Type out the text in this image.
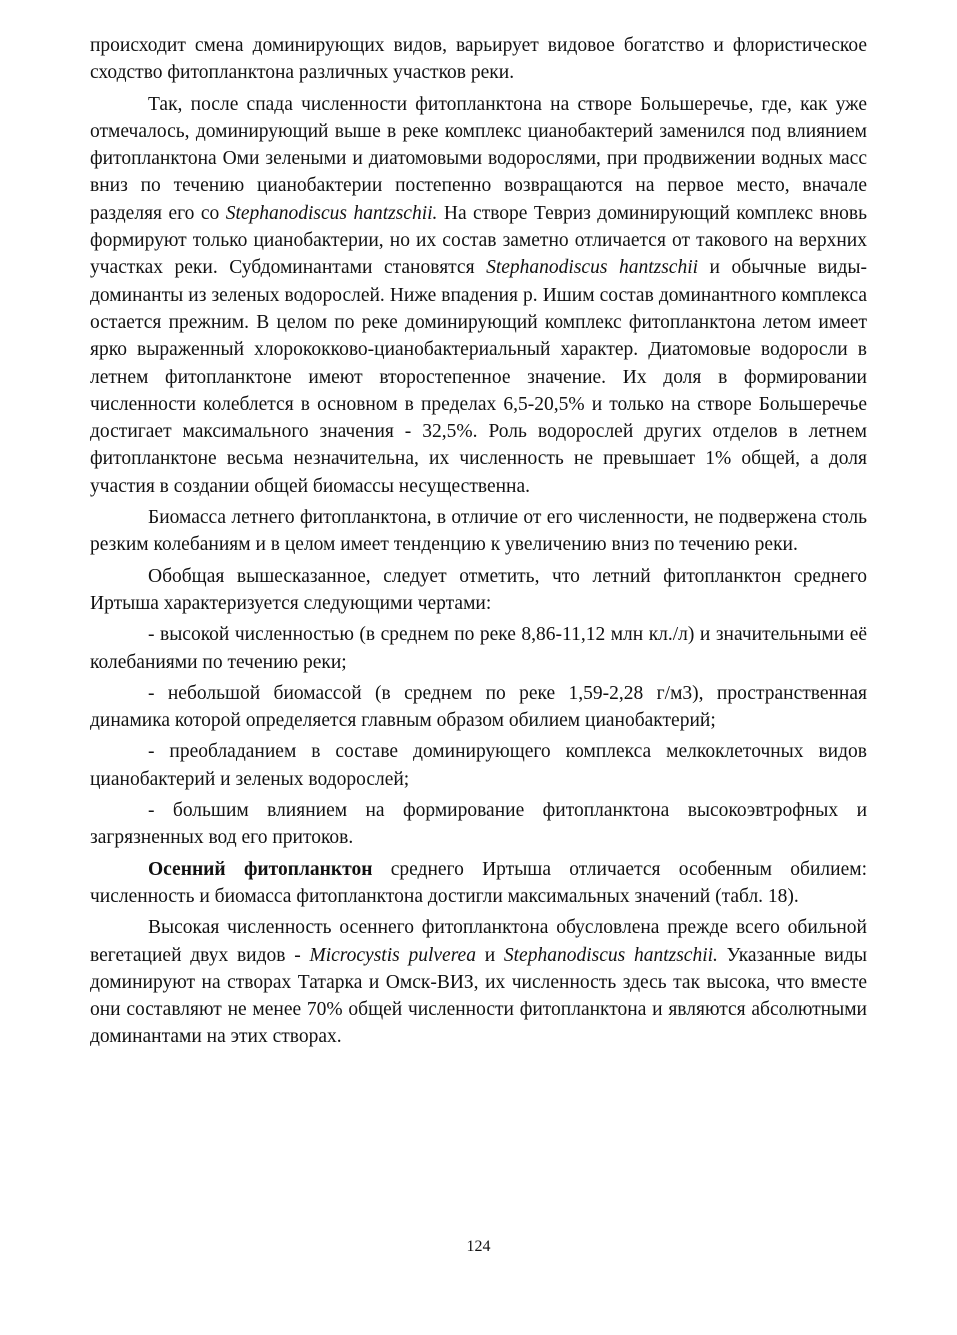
происходит смена доминирующих видов, варьирует видовое богатство и флористическое сходство фитопланктона различных участков реки.

Так, после спада численности фитопланктона на створе Большеречье, где, как уже отмечалось, доминирующий выше в реке комплекс цианобактерий заменился под влиянием фитопланктона Оми зелеными и диатомовыми водорослями, при продвижении водных масс вниз по течению цианобактерии постепенно возвращаются на первое место, вначале разделяя его со Stephanodiscus hantzschii. На створе Тевриз доминирующий комплекс вновь формируют только цианобактерии, но их состав заметно отличается от такового на верхних участках реки. Субдоминантами становятся Stephanodiscus hantzschii и обычные виды-доминанты из зеленых водорослей. Ниже впадения р. Ишим состав доминантного комплекса остается прежним. В целом по реке доминирующий комплекс фитопланктона летом имеет ярко выраженный хлорококково-цианобактериальный характер. Диатомовые водоросли в летнем фитопланктоне имеют второстепенное значение. Их доля в формировании численности колеблется в основном в пределах 6,5-20,5% и только на створе Большеречье достигает максимального значения - 32,5%. Роль водорослей других отделов в летнем фитопланктоне весьма незначительна, их численность не превышает 1% общей, а доля участия в создании общей биомассы несущественна.

Биомасса летнего фитопланктона, в отличие от его численности, не подвержена столь резким колебаниям и в целом имеет тенденцию к увеличению вниз по течению реки.

Обобщая вышесказанное, следует отметить, что летний фитопланктон среднего Иртыша характеризуется следующими чертами:

- высокой численностью (в среднем по реке 8,86-11,12 млн кл./л) и значительными её колебаниями по течению реки;

- небольшой биомассой (в среднем по реке 1,59-2,28 г/м3), пространственная динамика которой определяется главным образом обилием цианобактерий;

- преобладанием в составе доминирующего комплекса мелкоклеточных видов цианобактерий и зеленых водорослей;

- большим влиянием на формирование фитопланктона высокоэвтрофных и загрязненных вод его притоков.

Осенний фитопланктон среднего Иртыша отличается особенным обилием: численность и биомасса фитопланктона достигли максимальных значений (табл. 18).

Высокая численность осеннего фитопланктона обусловлена прежде всего обильной вегетацией двух видов - Microcystis pulverea и Stephanodiscus hantzschii. Указанные виды доминируют на створах Татарка и Омск-ВИЗ, их численность здесь так высока, что вместе они составляют не менее 70% общей численности фитопланктона и являются абсолютными доминантами на этих створах.

124
